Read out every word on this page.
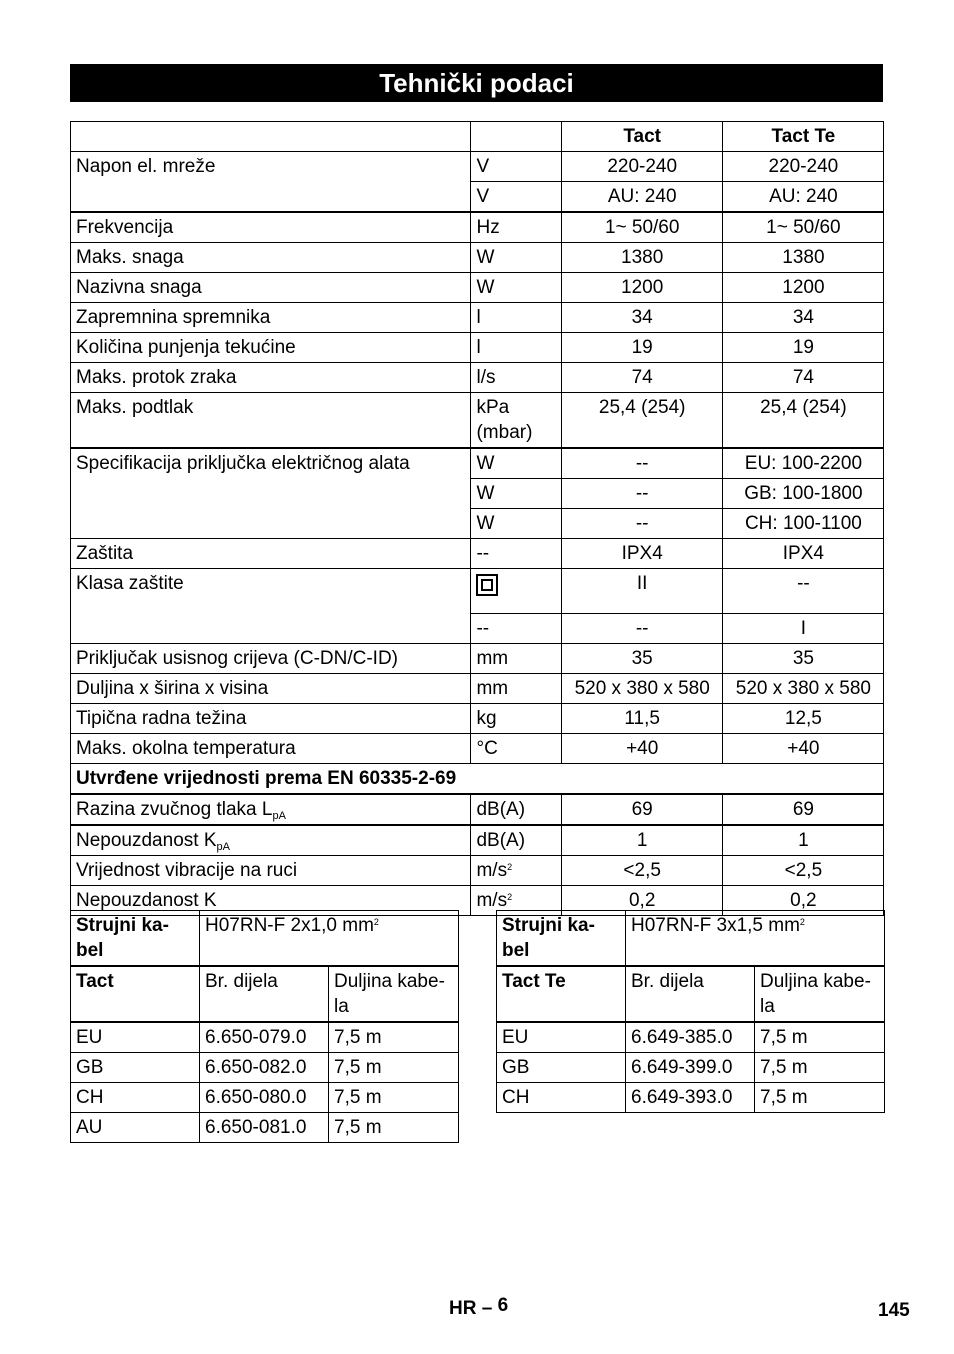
Tehnički podaci
		Tact	Tact Te
Napon el. mreže	V	220-240	220-240
	V	AU: 240	AU: 240
Frekvencija	Hz	1~ 50/60	1~ 50/60
Maks. snaga	W	1380	1380
Nazivna snaga	W	1200	1200
Zapremnina spremnika	l	34	34
Količina punjenja tekućine	l	19	19
Maks. protok zraka	l/s	74	74
Maks. podtlak	kPa (mbar)	25,4 (254)	25,4 (254)
Specifikacija priključka električnog alata	W	--	EU: 100-2200
	W	--	GB: 100-1800
	W	--	CH: 100-1100
Zaštita	--	IPX4	IPX4
Klasa zaštite		II	--
	--	--	I
Priključak usisnog crijeva (C-DN/C-ID)	mm	35	35
Duljina x širina x visina	mm	520 x 380 x 580	520 x 380 x 580
Tipična radna težina	kg	11,5	12,5
Maks. okolna temperatura	°C	+40	+40
Utvrđene vrijednosti prema EN 60335-2-69			
Razina zvučnog tlaka $L_{pA}$	dB(A)	69	69
Nepouzdanost $K_{pA}$	dB(A)	1	1
Vrijednost vibracije na ruci	$m/s^2$	<2,5	<2,5
Nepouzdanost K	$m/s^2$	0,2	0,2
Strujni ka-bel	H07RN-F 2x1,0 $mm^2$
Tact	Br. dijela	Duljina kabe-la
EU	6.650-079.0	7,5 m
GB	6.650-082.0	7,5 m
CH	6.650-080.0	7,5 m
AU	6.650-081.0	7,5 m
Strujni ka-bel	H07RN-F 3x1,5 $mm^2$
Tact Te	Br. dijela	Duljina kabe-la
EU	6.649-385.0	7,5 m
GB	6.649-399.0	7,5 m
CH	6.649-393.0	7,5 m
HR – 6	145
